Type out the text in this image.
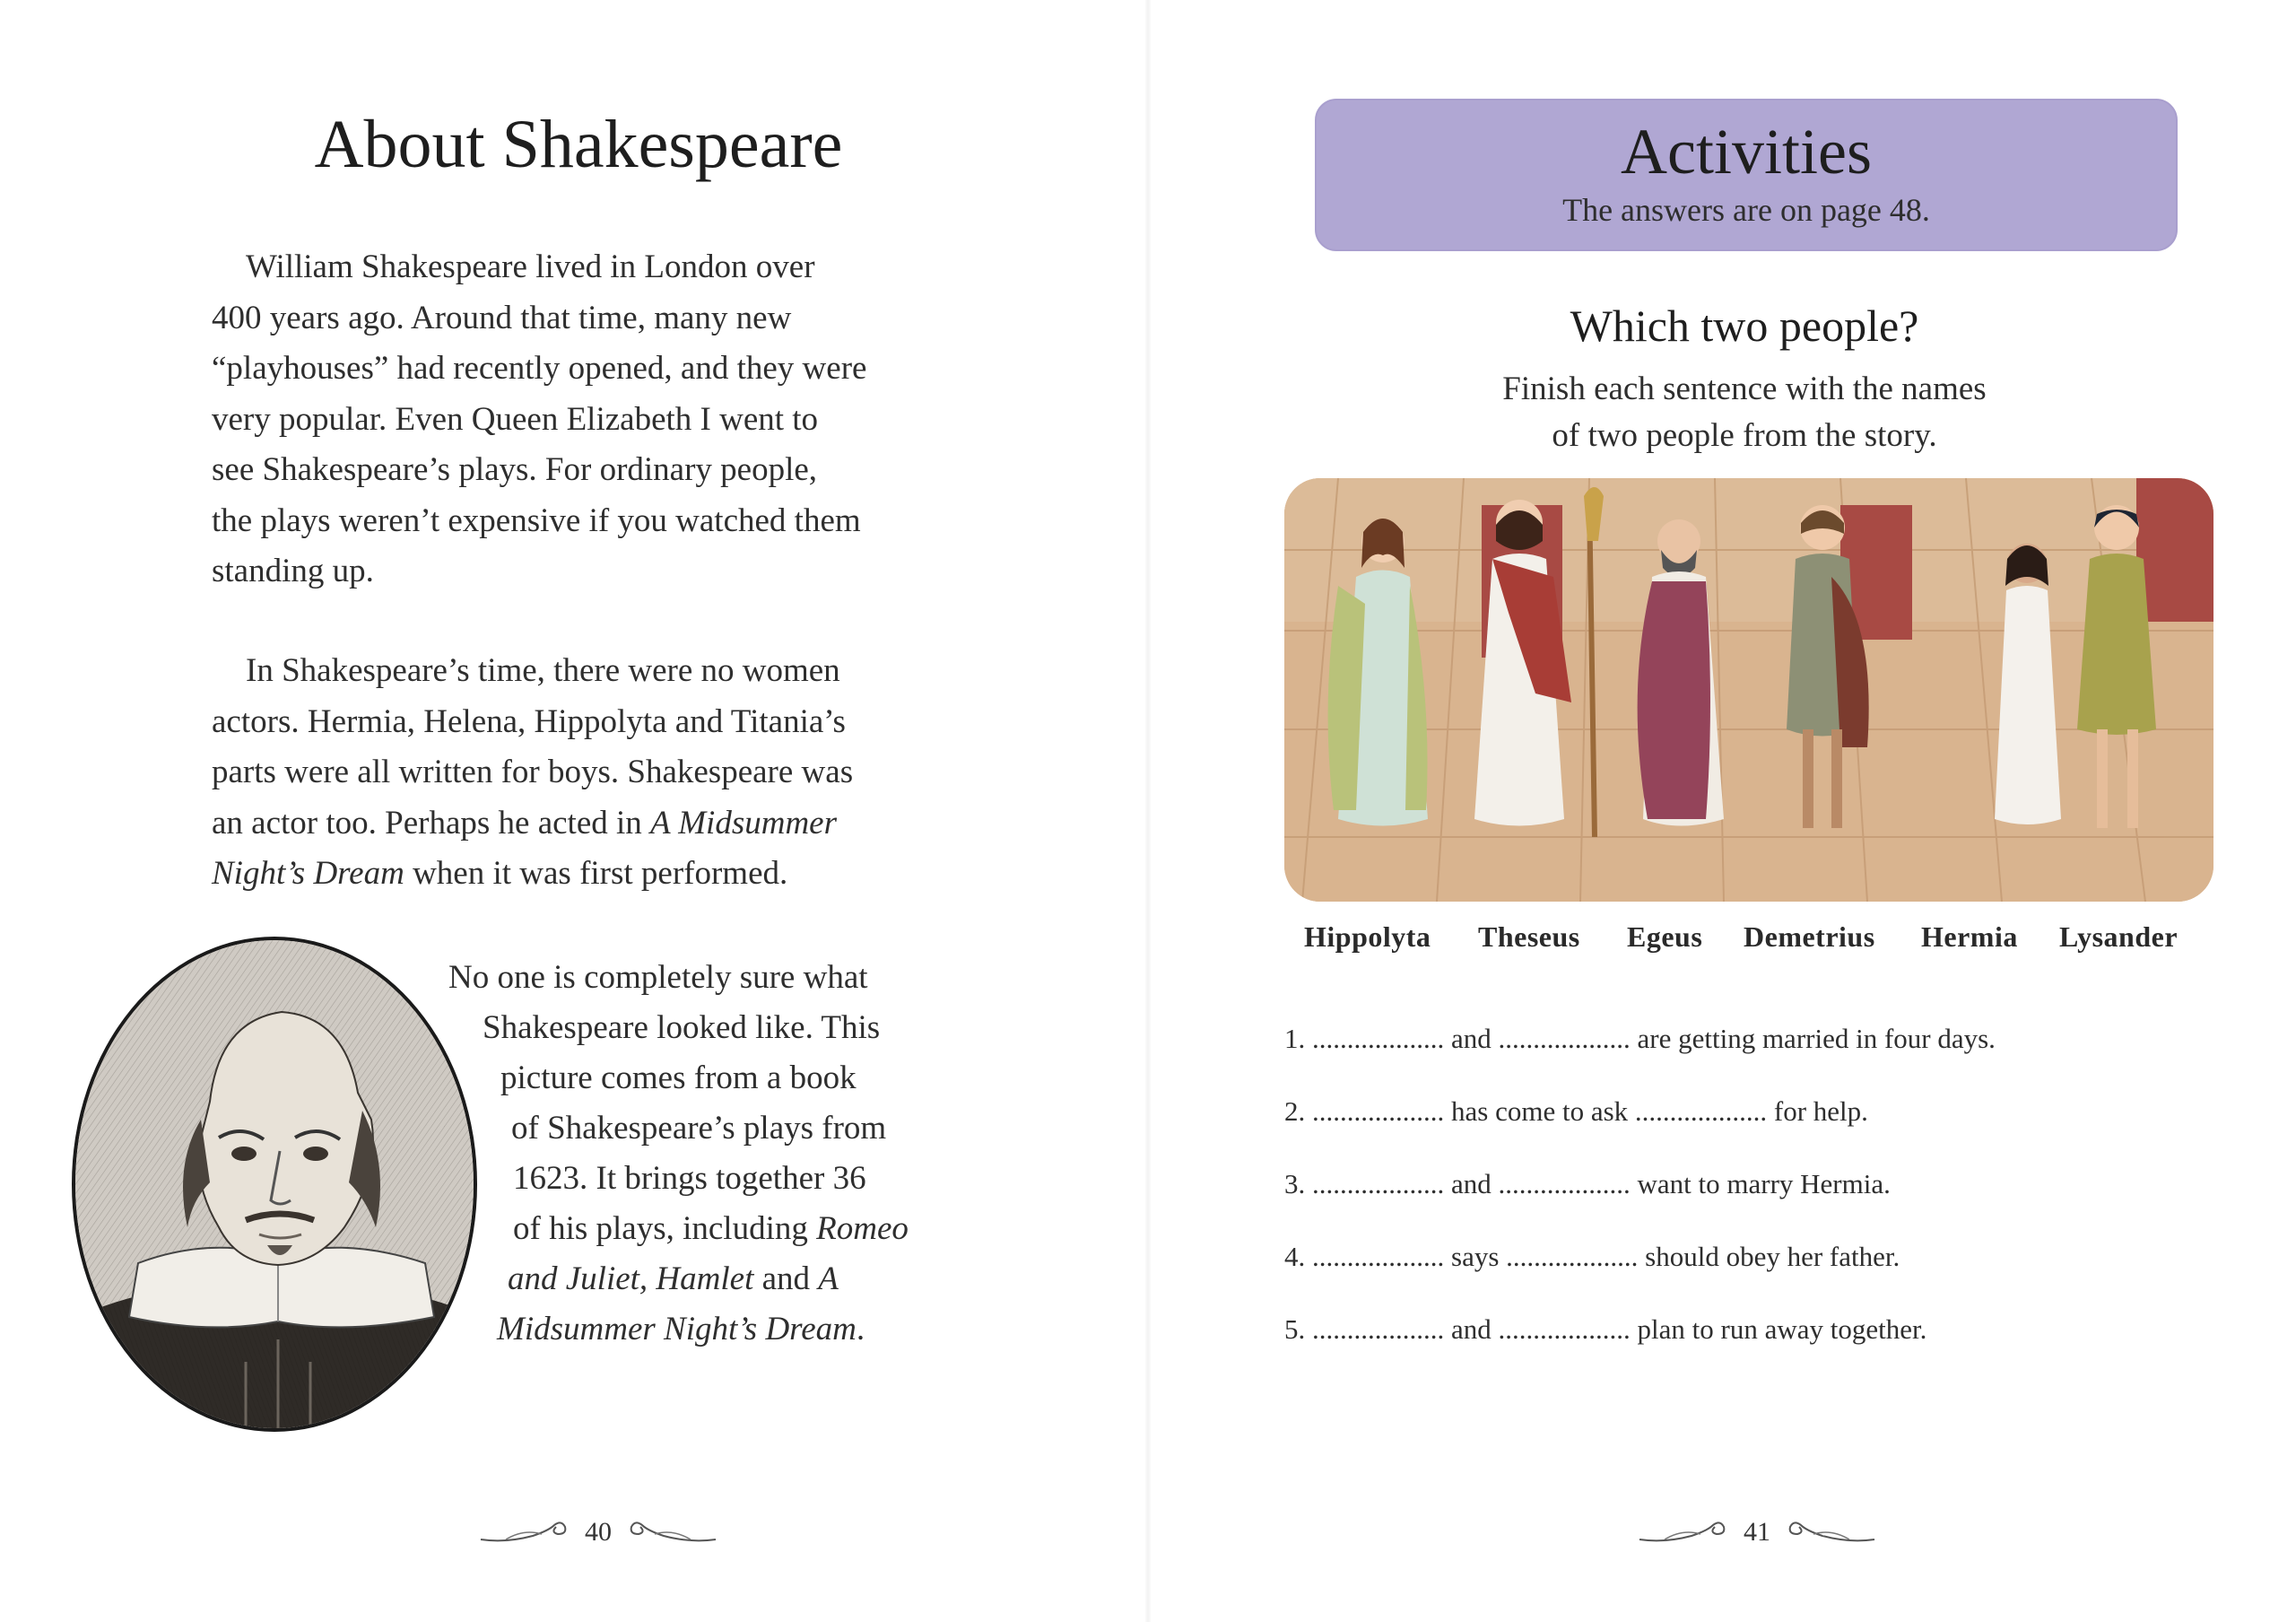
About Shakespeare
William Shakespeare lived in London over
400 years ago. Around that time, many new
“playhouses” had recently opened, and they were
very popular. Even Queen Elizabeth I went to
see Shakespeare’s plays. For ordinary people,
the plays weren’t expensive if you watched them
standing up.
In Shakespeare’s time, there were no women
actors. Hermia, Helena, Hippolyta and Titania’s
parts were all written for boys. Shakespeare was
an actor too. Perhaps he acted in A Midsummer
Night’s Dream when it was first performed.
No one is completely sure what
Shakespeare looked like. This
picture comes from a book
of Shakespeare’s plays from
1623. It brings together 36
of his plays, including Romeo
and Juliet, Hamlet and A
Midsummer Night’s Dream.
40
Activities
The answers are on page 48.
Which two people?
Finish each sentence with the names
of two people from the story.
Hippolyta Theseus Egeus Demetrius Hermia Lysander
1. ................... and ................... are getting married in four days.
2. ................... has come to ask ................... for help.
3. ................... and ................... want to marry Hermia.
4. ................... says ................... should obey her father.
5. ................... and ................... plan to run away together.
41
